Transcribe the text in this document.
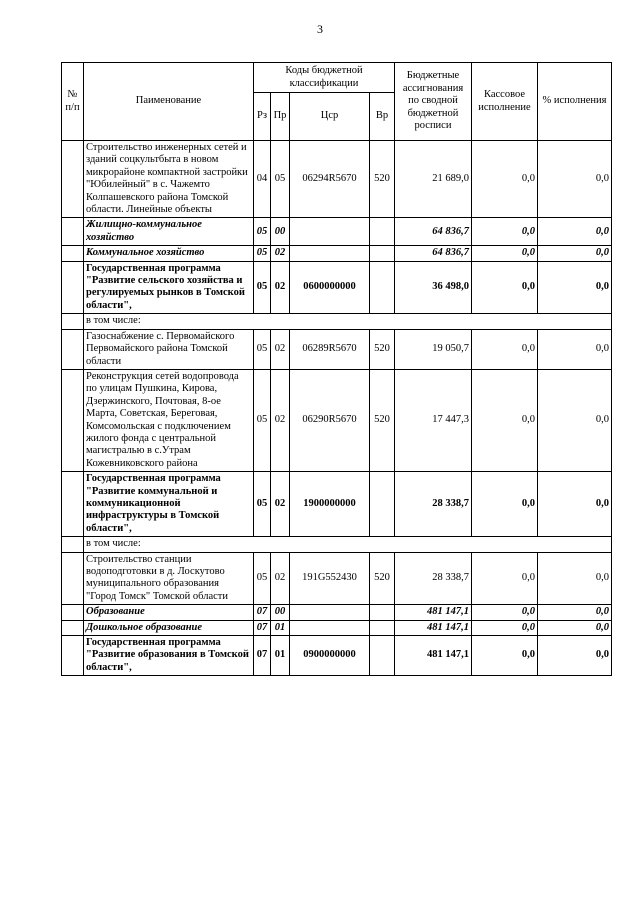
3
№ п/п	Паименование	Коды бюджетной классификации				Бюджетные ассигнования по сводной бюджетной росписи	Кассовое исполнение	% исполнения
		Рз	Пр	Цср	Вр			
	Строительство инженерных сетей и зданий соцкультбыта в новом микрорайоне компактной застройки "Юбилейный" в с. Чажемто Колпашевского района Томской области. Линейные объекты	04	05	06294R5670	520	21 689,0	0,0	0,0
	Жилищно-коммунальное хозяйство	05	00			64 836,7	0,0	0,0
	Коммунальное хозяйство	05	02			64 836,7	0,0	0,0
	Государственная программа "Развитие сельского хозяйства и регулируемых рынков в Томской области",	05	02	0600000000		36 498,0	0,0	0,0
	в том числе:							
	Газоснабжение с. Первомайского Первомайского района Томской области	05	02	06289R5670	520	19 050,7	0,0	0,0
	Реконструкция сетей водопровода по улицам Пушкина, Кирова, Дзержинского, Почтовая, 8-ое Марта, Советская, Береговая, Комсомольская с подключением жилого фонда с центральной магистралью в с.Утрам Кожевниковского района	05	02	06290R5670	520	17 447,3	0,0	0,0
	Государственная программа "Развитие коммунальной и коммуникационной инфраструктуры в Томской области",	05	02	1900000000		28 338,7	0,0	0,0
	в том числе:							
	Строительство станции водоподготовки в д. Лоскутово муниципального образования "Город Томск" Томской области	05	02	191G552430	520	28 338,7	0,0	0,0
	Образование	07	00			481 147,1	0,0	0,0
	Дошкольное образование	07	01			481 147,1	0,0	0,0
	Государственная программа "Развитие образования в Томской области",	07	01	0900000000		481 147,1	0,0	0,0
